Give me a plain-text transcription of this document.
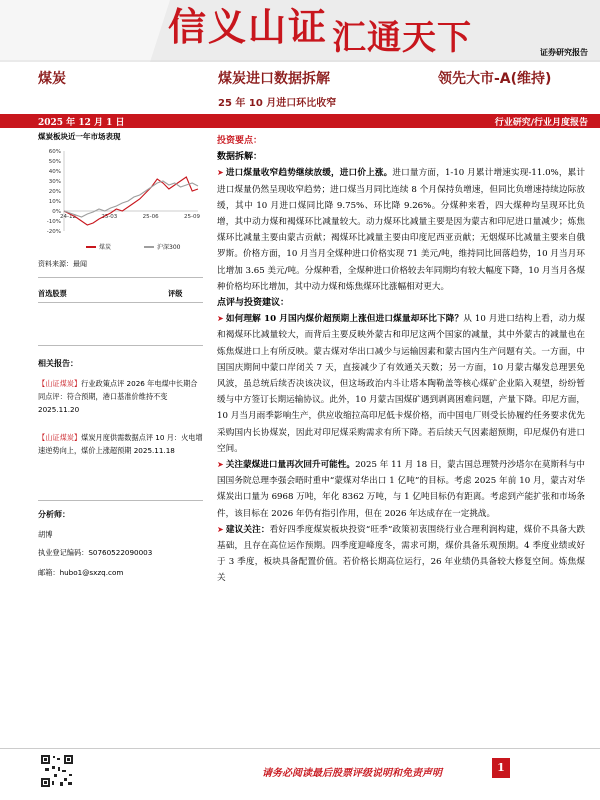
信义山证 汇通天下	证券研究报告
煤炭	煤炭进口数据拆解	领先大市-A(维持)
25 年 10 月进口环比收窄
2025 年 12 月 1 日	行业研究/行业月度报告
煤炭板块近一年市场表现
60%
50%
40%
30%
20%
10%
0%
-10%
-20%
24-12	25-03	25-06	25-09
煤炭	沪深300
资料来源：最闻
首选股票	评级
相关报告：
【山证煤炭】行业政策点评 2026 年电煤中长期合同点评：符合预期，港口基准价维持不变 2025.11.20
【山证煤炭】煤炭月度供需数据点评 10 月：火电增速逆势向上，煤价上涨超预期 2025.11.18
分析师：
胡博
执业登记编码：S0760522090003
邮箱：hubo1@sxzq.com
投资要点：
数据拆解：

➤ 进口煤量收窄趋势继续放缓，进口价上涨。进口量方面，1-10 月累计增速实现-11.0%，累计进口煤量仍然呈现收窄趋势；进口煤当月同比连续 8 个月保持负增速，但同比负增速持续边际放缓，其中 10 月进口煤同比降 9.75%、环比降 9.26%。分煤种来看，四大煤种均呈现环比负增，其中动力煤和褐煤环比减量较大。动力煤环比减量主要是因为蒙古和印尼进口量减少；炼焦煤环比减量主要由蒙古贡献；褐煤环比减量主要由印度尼西亚贡献；无烟煤环比减量主要来自俄罗斯。价格方面，10 月当月全煤种进口价格实现 71 美元/吨，维持同比回落趋势，10 月当月环比增加 3.65 美元/吨。分煤种看，全煤种进口价格较去年同期均有较大幅度下降，10 月当月各煤种价格均环比增加，其中动力煤和炼焦煤环比涨幅相对更大。

点评与投资建议：

➤ 如何理解 10 月国内煤价超预期上涨但进口煤量却环比下降？从 10 月进口结构上看，动力煤和褐煤环比减量较大，而背后主要反映外蒙古和印尼这两个国家的减量，其中外蒙古的减量也在炼焦煤进口上有所反映。蒙古煤对华出口减少与运输因素和蒙古国内生产问题有关。一方面，中国国庆期间中蒙口岸闭关 7 天，直接减少了有效通关天数；另一方面，10 月蒙古爆发总理罢免风波，虽总统后续否决该决议，但这场政治内斗让塔本陶勒盖等核心煤矿企业陷入观望，纷纷暂缓与中方签订长期运输协议。此外，10 月蒙古国煤矿遇到剥离困难问题，产量下降。印尼方面，10 月当月雨季影响生产，供应收缩拉高印尼低卡煤价格，而中国电厂则受长协履约任务要求优先采购国内长协煤炭，因此对印尼煤采购需求有所下降。若后续天气因素超预期，印尼煤仍有进口空间。

➤ 关注蒙煤进口量再次回升可能性。2025 年 11 月 18 日，蒙古国总理赞丹沙塔尔在莫斯科与中国国务院总理李强会晤时重申“蒙煤对华出口 1 亿吨”的目标。考虑 2025 年前 10 月，蒙古对华煤炭出口量为 6968 万吨，年化 8362 万吨，与 1 亿吨目标仍有距离。考虑到产能扩张和市场条件，该目标在 2026 年仍有指引作用，但在 2026 年达成存在一定挑战。

➤ 建议关注：看好四季度煤炭板块投资“旺季”政策初衷围绕行业合理利润构建，煤价不具备大跌基础，且存在高位运作预期。四季度迎峰度冬，需求可期，煤价具备乐观预期。4 季度业绩或好于 3 季度，板块具备配置价值。若价格长期高位运行，26 年业绩仍具备较大修复空间。炼焦煤关

请务必阅读最后股票评级说明和免责声明	1
